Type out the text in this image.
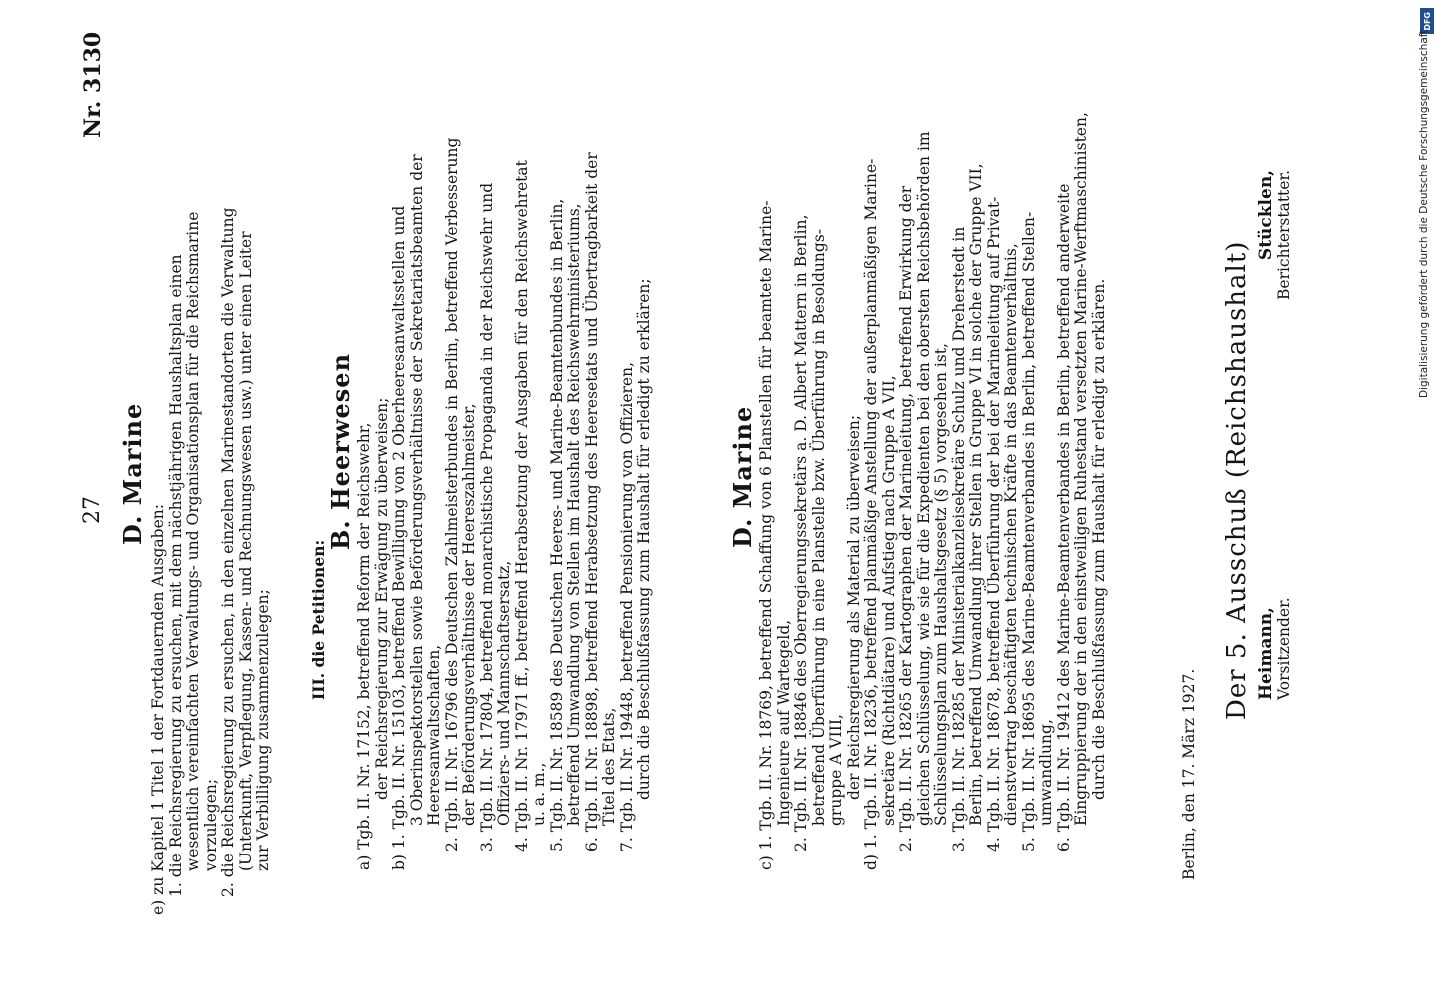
27
Nr. 3130
D. Marine
e) zu Kapitel 1 Titel 1 der Fortdauernden Ausgaben: 1. die Reichsregierung zu ersuchen, mit dem nächstjährigen Haushaltsplan einen wesentlich vereinfachten Verwaltungs- und Organisationsplan für die Reichsmarine vorzulegen; 2. die Reichsregierung zu ersuchen, in den einzelnen Marinestandorten die Verwaltung (Unterkunft, Verpflegung, Kassen- und Rechnungswesen usw.) unter einen Leiter zur Verbilligung zusammenzulegen; III. die Petitionen:
B. Heerwesen a) Tgb. II. Nr. 17152, betreffend Reform der Reichswehr, der Reichsregierung zur Erwägung zu überweisen; b) 1. Tgb. II. Nr. 15103, betreffend Bewilligung von 2 Oberheeresanwaltsstellen und 3 Oberinspektorstellen sowie Beförderungsverhältnisse der Sekretariatsbeamten der Heeresanwaltschaften, 2. Tgb. II. Nr. 16796 des Deutschen Zahlmeisterbundes in Berlin, betreffend Verbesserung der Beförderungsverhältnisse der Heereszahlmeister, 3. Tgb. II. Nr. 17804, betreffend monarchistische Propaganda in der Reichswehr und Offiziers- und Mannschaftsersatz, 4. Tgb. II. Nr. 17971 ff., betreffend Herabsetzung der Ausgaben für den Reichswehretat u. a. m., 5. Tgb. II. Nr. 18589 des Deutschen Heeres- und Marine-Beamtenbundes in Berlin, betreffend Umwandlung von Stellen im Haushalt des Reichswehrministeriums, 6. Tgb. II. Nr. 18898, betreffend Herabsetzung des Heeresetats und Übertragbarkeit der Titel des Etats, 7. Tgb. II. Nr. 19448, betreffend Pensionierung von Offizieren, durch die Beschlußfassung zum Haushalt für erledigt zu erklären;	D. Marine c) 1. Tgb. II. Nr. 18769, betreffend Schaffung von 6 Planstellen für beamtete Marine- Ingenieure auf Wartegeld, 2. Tgb. II. Nr. 18846 des Oberregierungssekretärs a. D. Albert Mattern in Berlin, betreffend Überführung in eine Planstelle bzw. Überführung in Besoldungs- gruppe A VIII, der Reichsregierung als Material zu überweisen; d) 1. Tgb. II. Nr. 18236, betreffend planmäßige Anstellung der außerplanmäßigen Marine- sekretäre (Richtdiätare) und Aufstieg nach Gruppe A VII, 2. Tgb. II. Nr. 18265 der Kartographen der Marineleitung, betreffend Erwirkung der gleichen Schlüsselung, wie sie für die Expedienten bei den obersten Reichsbehörden im Schlüsselungsplan zum Haushaltsgesetz (§ 5) vorgesehen ist, 3. Tgb. II. Nr. 18285 der Ministerialkanzleisekretäre Schulz und Dreherstedt in Berlin, betreffend Umwandlung ihrer Stellen in Gruppe VI in solche der Gruppe VII, 4. Tgb. II. Nr. 18678, betreffend Überführung der bei der Marineleitung auf Privat- dienstvertrag beschäftigten technischen Kräfte in das Beamtenverhältnis, 5. Tgb. II. Nr. 18695 des Marine-Beamtenverbandes in Berlin, betreffend Stellen- umwandlung, 6. Tgb. II. Nr. 19412 des Marine-Beamtenverbandes in Berlin, betreffend anderweite Eingruppierung der in den einstweiligen Ruhestand versetzten Marine-Werftmaschinisten, durch die Beschlußfassung zum Haushalt für erledigt zu erklären.	Berlin, den 17. März 1927.
Der 5. Ausschuß (Reichshaushalt) Heimann,
Vorsitzender.
Stücklen,
Berichterstatter.
DFG
Digitalisierung gefördert durch die Deutsche Forschungsgemeinschaft
